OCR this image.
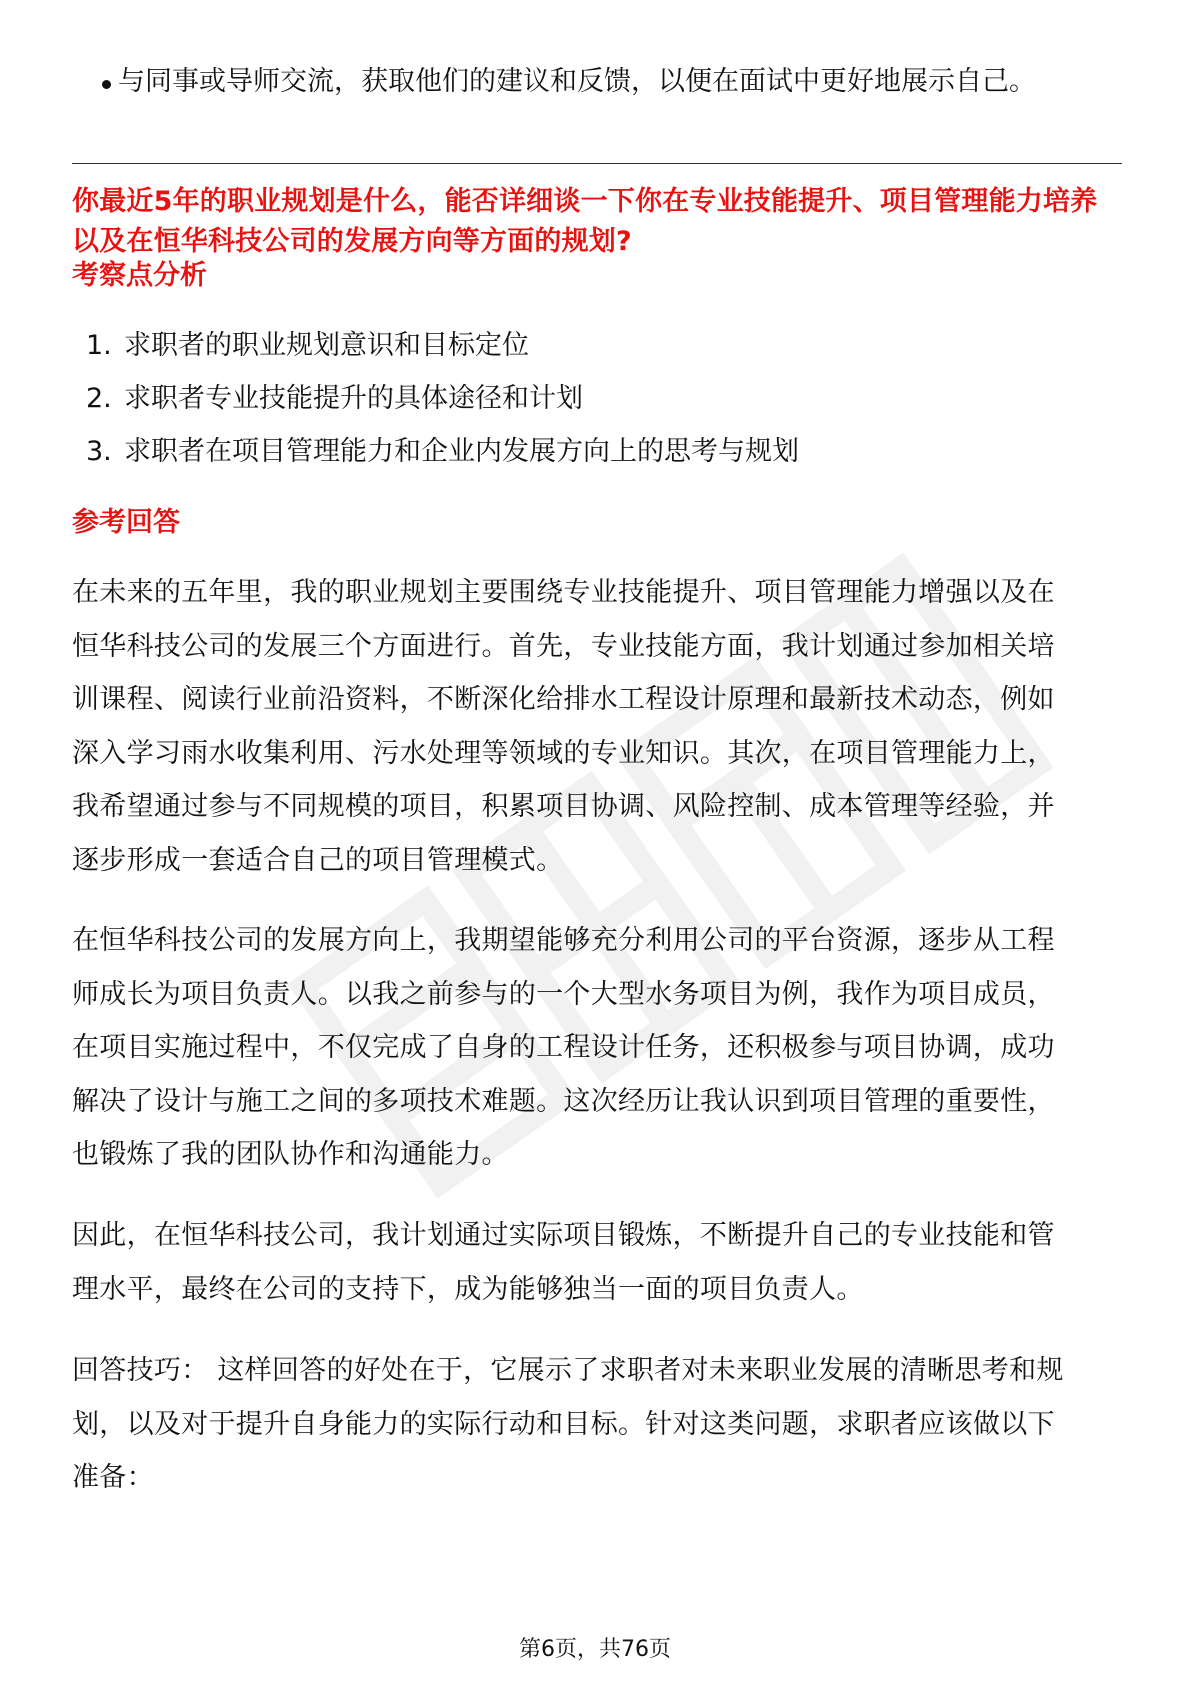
与同事或导师交流，获取他们的建议和反馈，以便在面试中更好地展示自己。
你最近5年的职业规划是什么，能否详细谈一下你在专业技能提升、项目管理能力培养以及在恒华科技公司的发展方向等方面的规划?
考察点分析
1. 求职者的职业规划意识和目标定位
2. 求职者专业技能提升的具体途径和计划
3. 求职者在项目管理能力和企业内发展方向上的思考与规划
参考回答
在未来的五年里，我的职业规划主要围绕专业技能提升、项目管理能力增强以及在
恒华科技公司的发展三个方面进行。首先，专业技能方面，我计划通过参加相关培
训课程、阅读行业前沿资料，不断深化给排水工程设计原理和最新技术动态，例如
深入学习雨水收集利用、污水处理等领域的专业知识。其次，在项目管理能力上，
我希望通过参与不同规模的项目，积累项目协调、风险控制、成本管理等经验，并
逐步形成一套适合自己的项目管理模式。
在恒华科技公司的发展方向上，我期望能够充分利用公司的平台资源，逐步从工程
师成长为项目负责人。以我之前参与的一个大型水务项目为例，我作为项目成员，
在项目实施过程中，不仅完成了自身的工程设计任务，还积极参与项目协调，成功
解决了设计与施工之间的多项技术难题。这次经历让我认识到项目管理的重要性，
也锻炼了我的团队协作和沟通能力。
因此，在恒华科技公司，我计划通过实际项目锻炼，不断提升自己的专业技能和管
理水平，最终在公司的支持下，成为能够独当一面的项目负责人。
回答技巧： 这样回答的好处在于，它展示了求职者对未来职业发展的清晰思考和规
划，以及对于提升自身能力的实际行动和目标。针对这类问题，求职者应该做以下
准备：
第6页，共76页
